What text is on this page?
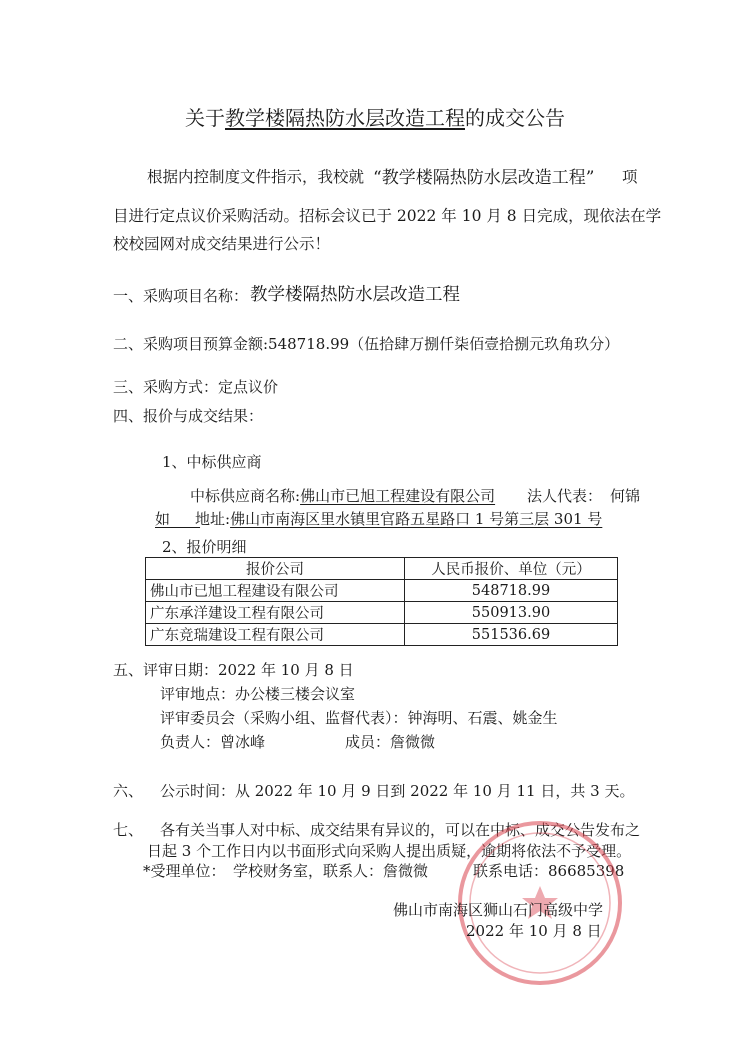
关于教学楼隔热防水层改造工程的成交公告
根据内控制度文件指示，我校就 “教学楼隔热防水层改造工程” 项
目进行定点议价采购活动。招标会议已于 2022 年 10 月 8 日完成，现依法在学
校校园网对成交结果进行公示！
一、采购项目名称： 教学楼隔热防水层改造工程
二、采购项目预算金额:548718.99（伍拾肆万捌仟柒佰壹拾捌元玖角玖分）
三、采购方式：定点议价
四、报价与成交结果：
1、中标供应商
中标供应商名称:佛山市已旭工程建设有限公司 法人代表： 何锦
如　　	地址:佛山市南海区里水镇里官路五星路口 1 号第三层 301 号
2、报价明细
报价公司	人民币报价、单位（元）
佛山市已旭工程建设有限公司	548718.99
广东承洋建设工程有限公司	550913.90
广东竞瑞建设工程有限公司	551536.69
五、评审日期：2022 年 10 月 8 日
评审地点：办公楼三楼会议室
评审委员会（采购小组、监督代表）：钟海明、石震、姚金生
负责人：曾冰峰	成员：詹微微
六、 公示时间：从 2022 年 10 月 9 日到 2022 年 10 月 11 日，共 3 天。
七、 各有关当事人对中标、成交结果有异议的，可以在中标、成交公告发布之
日起 3 个工作日内以书面形式向采购人提出质疑，逾期将依法不予受理。
*受理单位：　学校财务室，联系人：詹微微　　　联系电话：86685398
佛山市南海区狮山石门高级中学
2022 年 10 月 8 日
